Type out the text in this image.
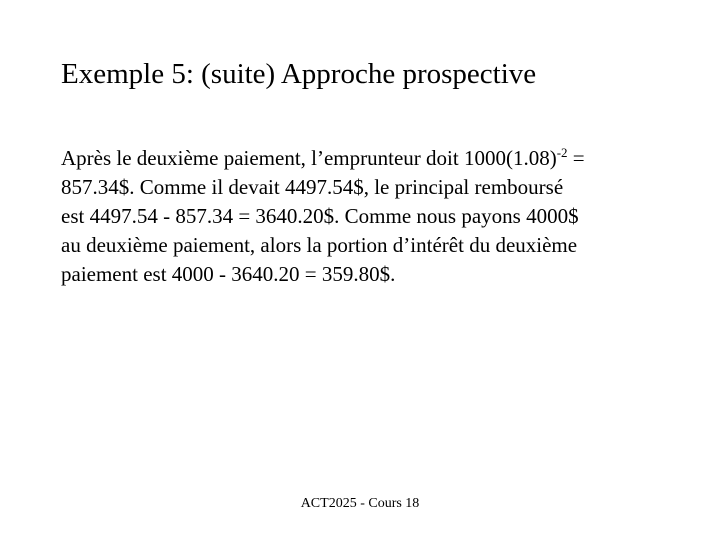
Exemple 5: (suite) Approche prospective
Après le deuxième paiement, l’emprunteur doit $1000(1.08)^{-2}$ =
857.34$. Comme il devait 4497.54$, le principal remboursé
est 4497.54 - 857.34 = 3640.20$. Comme nous payons 4000$
au deuxième paiement, alors la portion d’intérêt du deuxième
paiement est 4000 - 3640.20 = 359.80$.
ACT2025 - Cours 18
